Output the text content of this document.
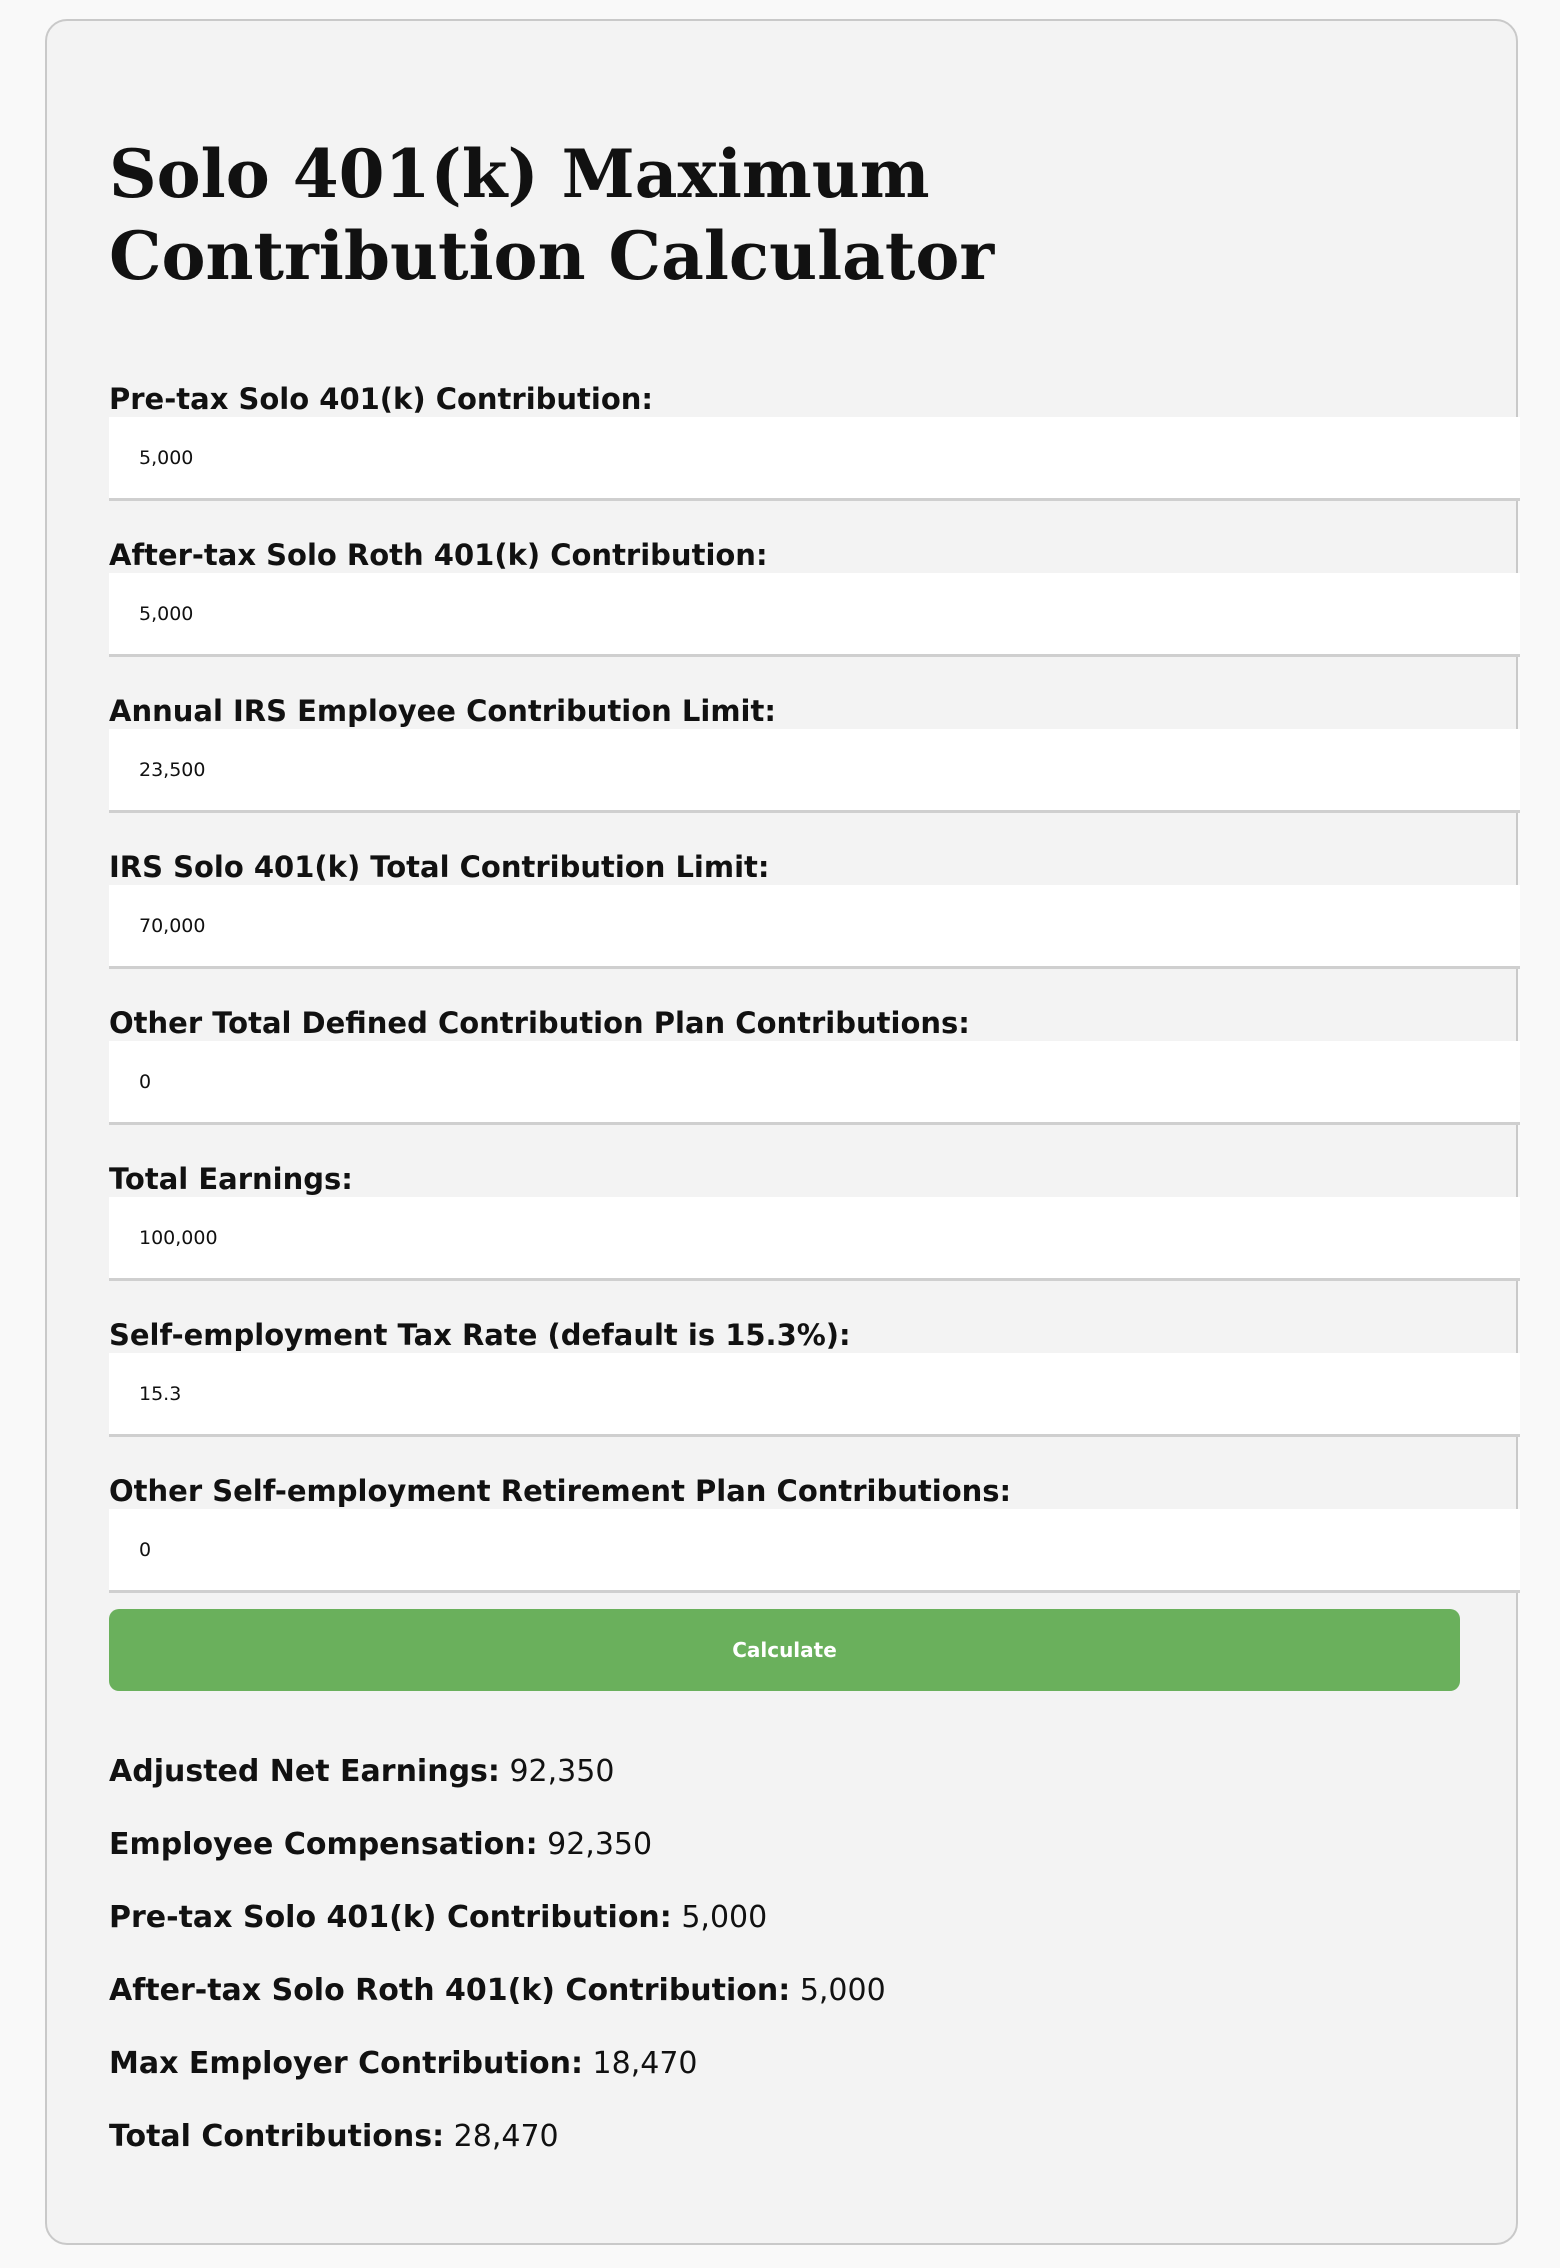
Solo 401(k) Maximum Contribution Calculator
Pre-tax Solo 401(k) Contribution:
5,000
After-tax Solo Roth 401(k) Contribution:
5,000
Annual IRS Employee Contribution Limit:
23,500
IRS Solo 401(k) Total Contribution Limit:
70,000
Other Total Defined Contribution Plan Contributions:
0
Total Earnings:
100,000
Self-employment Tax Rate (default is 15.3%):
15.3
Other Self-employment Retirement Plan Contributions:
0
Calculate
Adjusted Net Earnings: 92,350
Employee Compensation: 92,350
Pre-tax Solo 401(k) Contribution: 5,000
After-tax Solo Roth 401(k) Contribution: 5,000
Max Employer Contribution: 18,470
Total Contributions: 28,470
